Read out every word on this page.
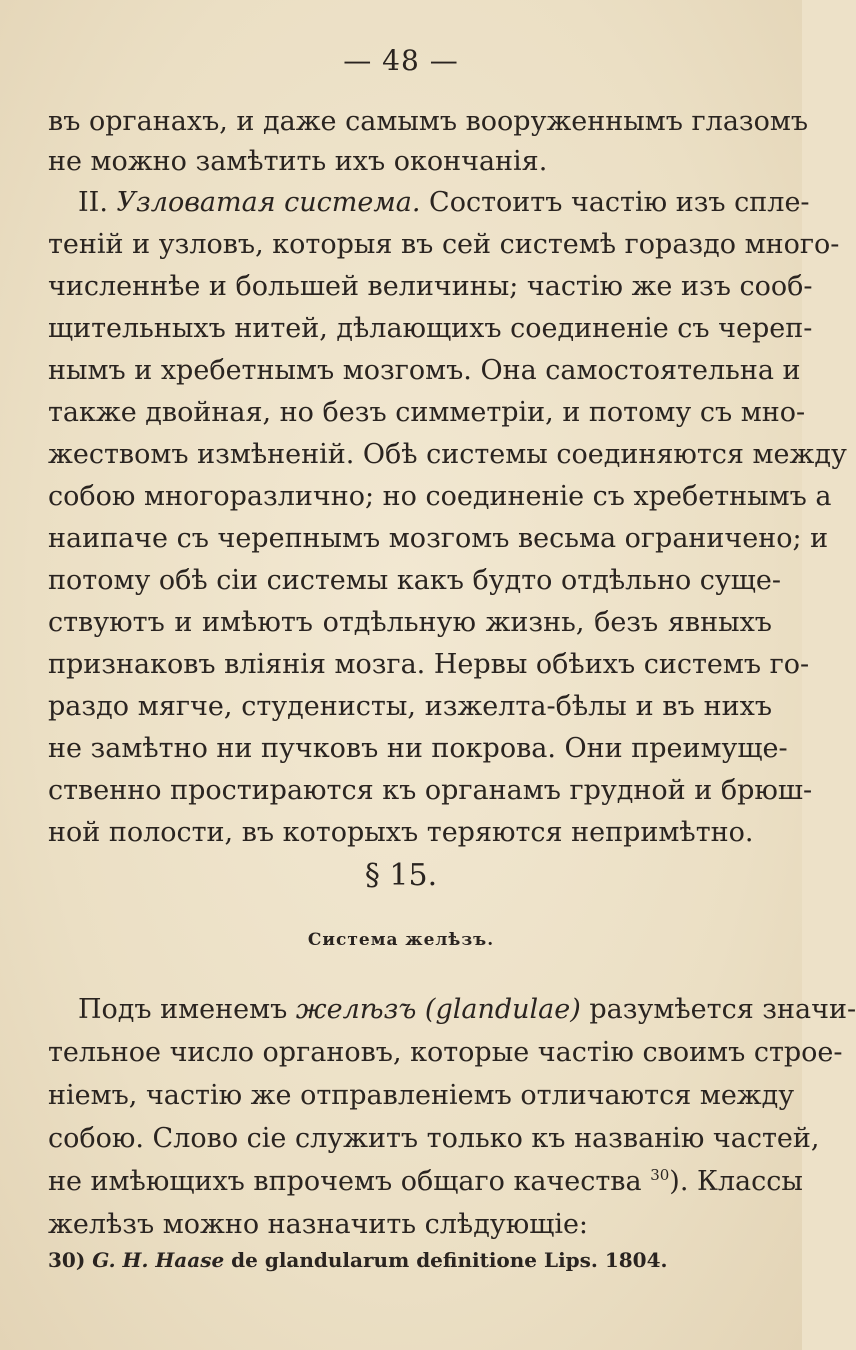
— 48 —
въ органахъ, и даже самымъ вооруженнымъ глазомъ
не можно замѣтить ихъ окончанія.
II. Узловатая система. Состоитъ частію изъ спле-
теній и узловъ, которыя въ сей системѣ гораздо много-
численнѣе и большей величины; частію же изъ сооб-
щительныхъ нитей, дѣлающихъ соединеніе съ череп-
нымъ и хребетнымъ мозгомъ. Она самостоятельна и
также двойная, но безъ симметріи, и потому съ мно-
жествомъ измѣненій. Обѣ системы соединяются между
собою многоразлично; но соединеніе съ хребетнымъ а
наипаче съ черепнымъ мозгомъ весьма ограничено; и
потому обѣ сіи системы какъ будто отдѣльно суще-
ствуютъ и имѣютъ отдѣльную жизнь, безъ явныхъ
признаковъ вліянія мозга. Нервы обѣихъ системъ го-
раздо мягче, студенисты, изжелта-бѣлы и въ нихъ
не замѣтно ни пучковъ ни покрова. Они преимуще-
ственно простираются къ органамъ грудной и брюш-
ной полости, въ которыхъ теряются непримѣтно.
§ 15.
Система желѣзъ.
Подъ именемъ желѣзъ (glandulae) разумѣется значи-
тельное число органовъ, которые частію своимъ строе-
ніемъ, частію же отправленіемъ отличаются между
собою. Слово сіе служитъ только къ названію частей,
не имѣющихъ впрочемъ общаго качества $^{30}$). Классы
желѣзъ можно назначить слѣдующіе:
30) G. H. Haase de glandularum definitione Lips. 1804.
